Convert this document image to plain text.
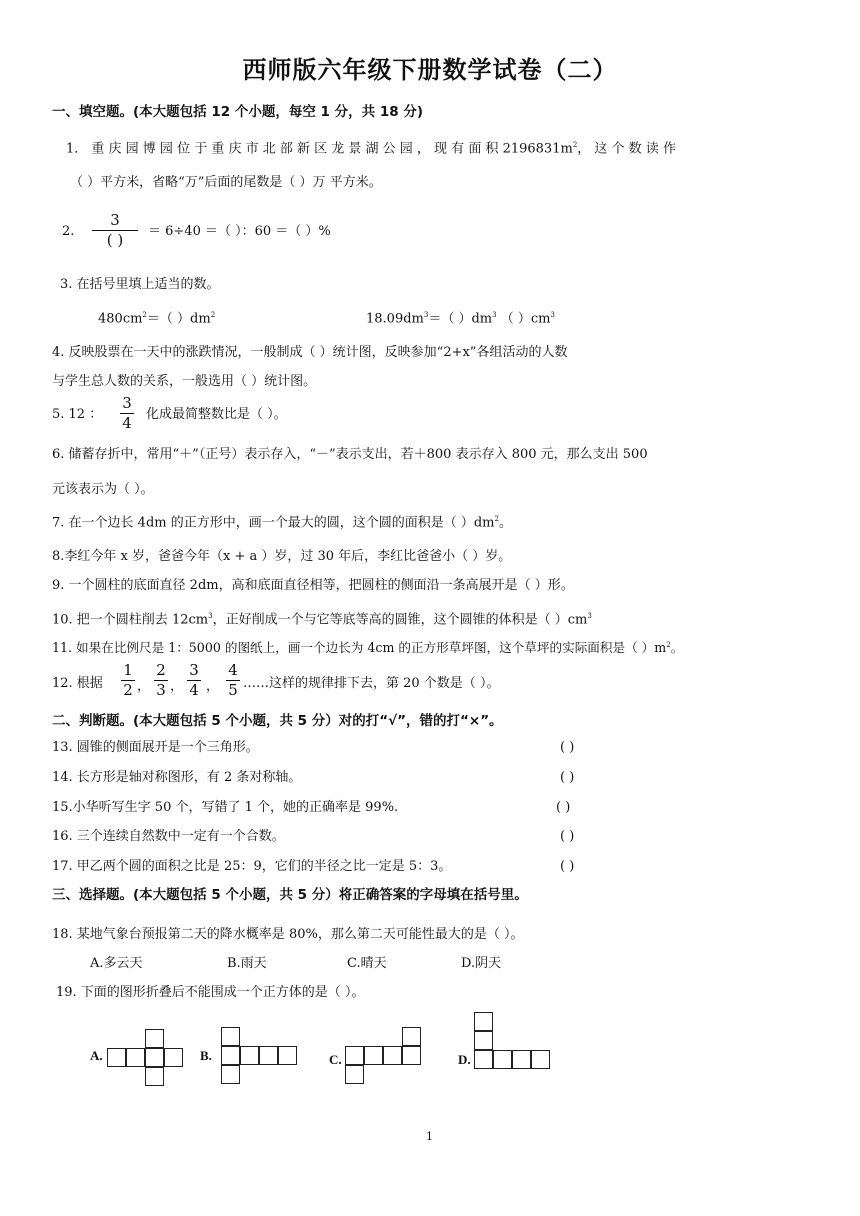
西师版六年级下册数学试卷（二）
一、填空题。(本大题包括 12 个小题，每空 1 分，共 18 分)
1． 重 庆 园 博 园 位 于 重 庆 市 北 部 新 区 龙 景 湖 公 园 ， 现 有 面 积 $2196831m^2$， 这 个 数 读 作
（ ）平方米，省略“万”后面的尾数是（ ）万 平方米。
2.
3
( )	＝ 6÷40 ＝（ ）：60 ＝（ ）%
3. 在括号里填上适当的数。
$480cm^2=$（ ）$dm^2$	$18.09dm^3=$（ ）$dm^3$ （ ）$cm^3$
4. 反映股票在一天中的涨跌情况，一般制成（ ）统计图，反映参加“2+x”各组活动的人数
与学生总人数的关系，一般选用（ ）统计图。
5. 12 ：
3
4 化成最简整数比是（ ）。
6. 储蓄存折中，常用“＋”（正号）表示存入，“－”表示支出，若＋800 表示存入 800 元，那么支出 500
元该表示为（ ）。
7. 在一个边长 4dm 的正方形中，画一个最大的圆，这个圆的面积是（ ）$dm^2$。
8.李红今年 x 岁，爸爸今年（x + a ）岁，过 30 年后，李红比爸爸小（ ）岁。
9. 一个圆柱的底面直径 2dm，高和底面直径相等，把圆柱的侧面沿一条高展开是（ ）形。
10. 把一个圆柱削去 $12cm^3$，正好削成一个与它等底等高的圆锥，这个圆锥的体积是（ ）$cm^3$
11. 如果在比例尺是 1：5000 的图纸上，画一个边长为 4cm 的正方形草坪图，这个草坪的实际面积是（ ）$m^2$。
12. 根据
1
2 ，
2
3 ，
3
4 ，
4
5 ……这样的规律排下去，第 20 个数是（ ）。
二、判断题。(本大题包括 5 个小题，共 5 分）对的打“√”，错的打“×”。
13. 圆锥的侧面展开是一个三角形。	( )
14. 长方形是轴对称图形，有 2 条对称轴。	( )
15.小华听写生字 50 个，写错了 1 个，她的正确率是 99%.	( )
16. 三个连续自然数中一定有一个合数。	( )
17. 甲乙两个圆的面积之比是 25：9，它们的半径之比一定是 5：3。	( )
三、选择题。(本大题包括 5 个小题，共 5 分）将正确答案的字母填在括号里。
18. 某地气象台预报第二天的降水概率是 80%，那么第二天可能性最大的是（ ）。
A.多云天	B.雨天	C.晴天	D.阴天
19. 下面的图形折叠后不能围成一个正方体的是（ ）。
A.	B.	C.	D.
1
